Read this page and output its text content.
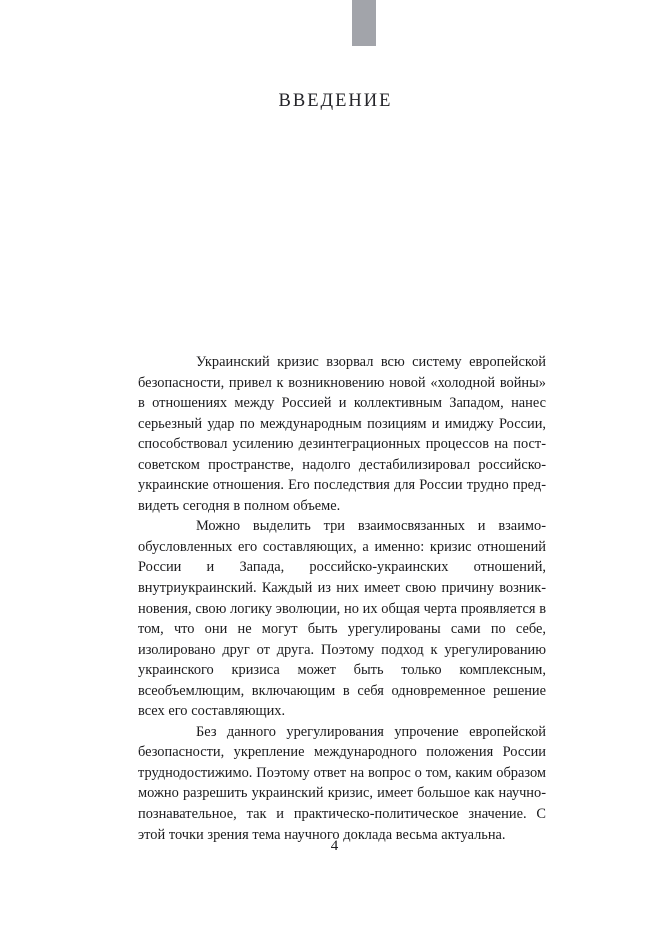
ВВЕДЕНИЕ

Украинский кризис взорвал всю систему европейской безопасности, привел к возникновению новой «холодной войны» в отношениях между Россией и коллективным Западом, нанес серьезный удар по международным позициям и имиджу России, способствовал усилению дезинтеграционных процессов на постсоветском пространстве, надолго дестабилизировал российско-украинские отношения. Его последствия для России трудно предвидеть сегодня в полном объеме.

Можно выделить три взаимосвязанных и взаимообусловленных его составляющих, а именно: кризис отношений России и Запада, российско-украинских отношений, внутриукраинский. Каждый из них имеет свою причину возникновения, свою логику эволюции, но их общая черта проявляется в том, что они не могут быть урегулированы сами по себе, изолировано друг от друга. Поэтому подход к урегулированию украинского кризиса может быть только комплексным, всеобъемлющим, включающим в себя одновременное решение всех его составляющих.

Без данного урегулирования упрочение европейской безопасности, укрепление международного положения России труднодостижимо. Поэтому ответ на вопрос о том, каким образом можно разрешить украинский кризис, имеет большое как научно-познавательное, так и практическо-политическое значение. С этой точки зрения тема научного доклада весьма актуальна.

4
